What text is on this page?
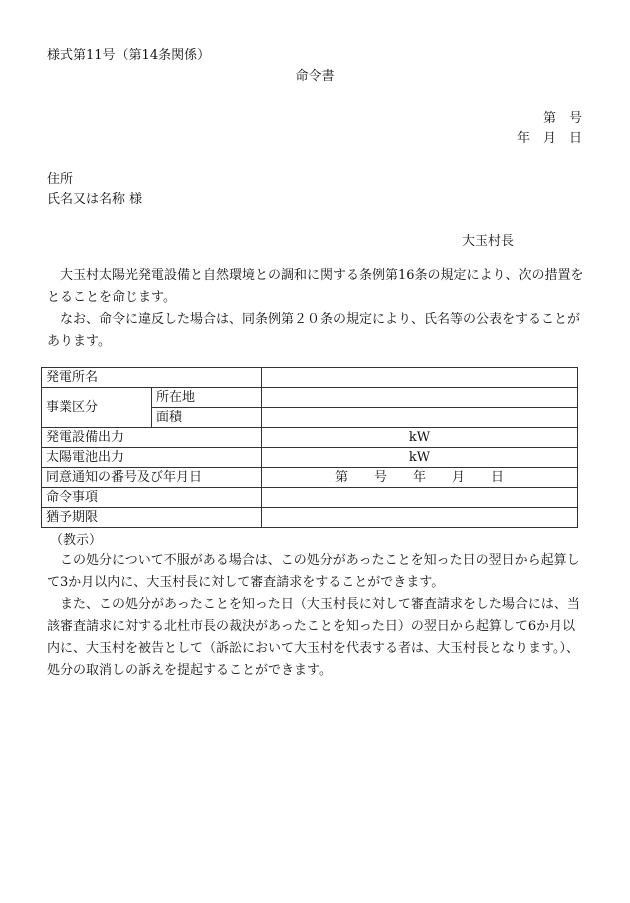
様式第11号（第14条関係）
命令書
第　号
年　月　日
住所
氏名又は名称 様
大玉村長

　大玉村太陽光発電設備と自然環境との調和に関する条例第16条の規定により、次の措置をとることを命じます。

　なお、命令に違反した場合は、同条例第２０条の規定により、氏名等の公表をすることがあります。

発電所名		
事業区分	所在地	
	面積	
発電設備出力		kW
太陽電池出力		kW
同意通知の番号及び年月日		第　　号　　年　　月　　日
命令事項		
猶予期限		
（教示）

　この処分について不服がある場合は、この処分があったことを知った日の翌日から起算して3か月以内に、大玉村長に対して審査請求をすることができます。

　また、この処分があったことを知った日（大玉村長に対して審査請求をした場合には、当該審査請求に対する北杜市長の裁決があったことを知った日）の翌日から起算して6か月以内に、大玉村を被告として（訴訟において大玉村を代表する者は、大玉村長となります。）、処分の取消しの訴えを提起することができます。
